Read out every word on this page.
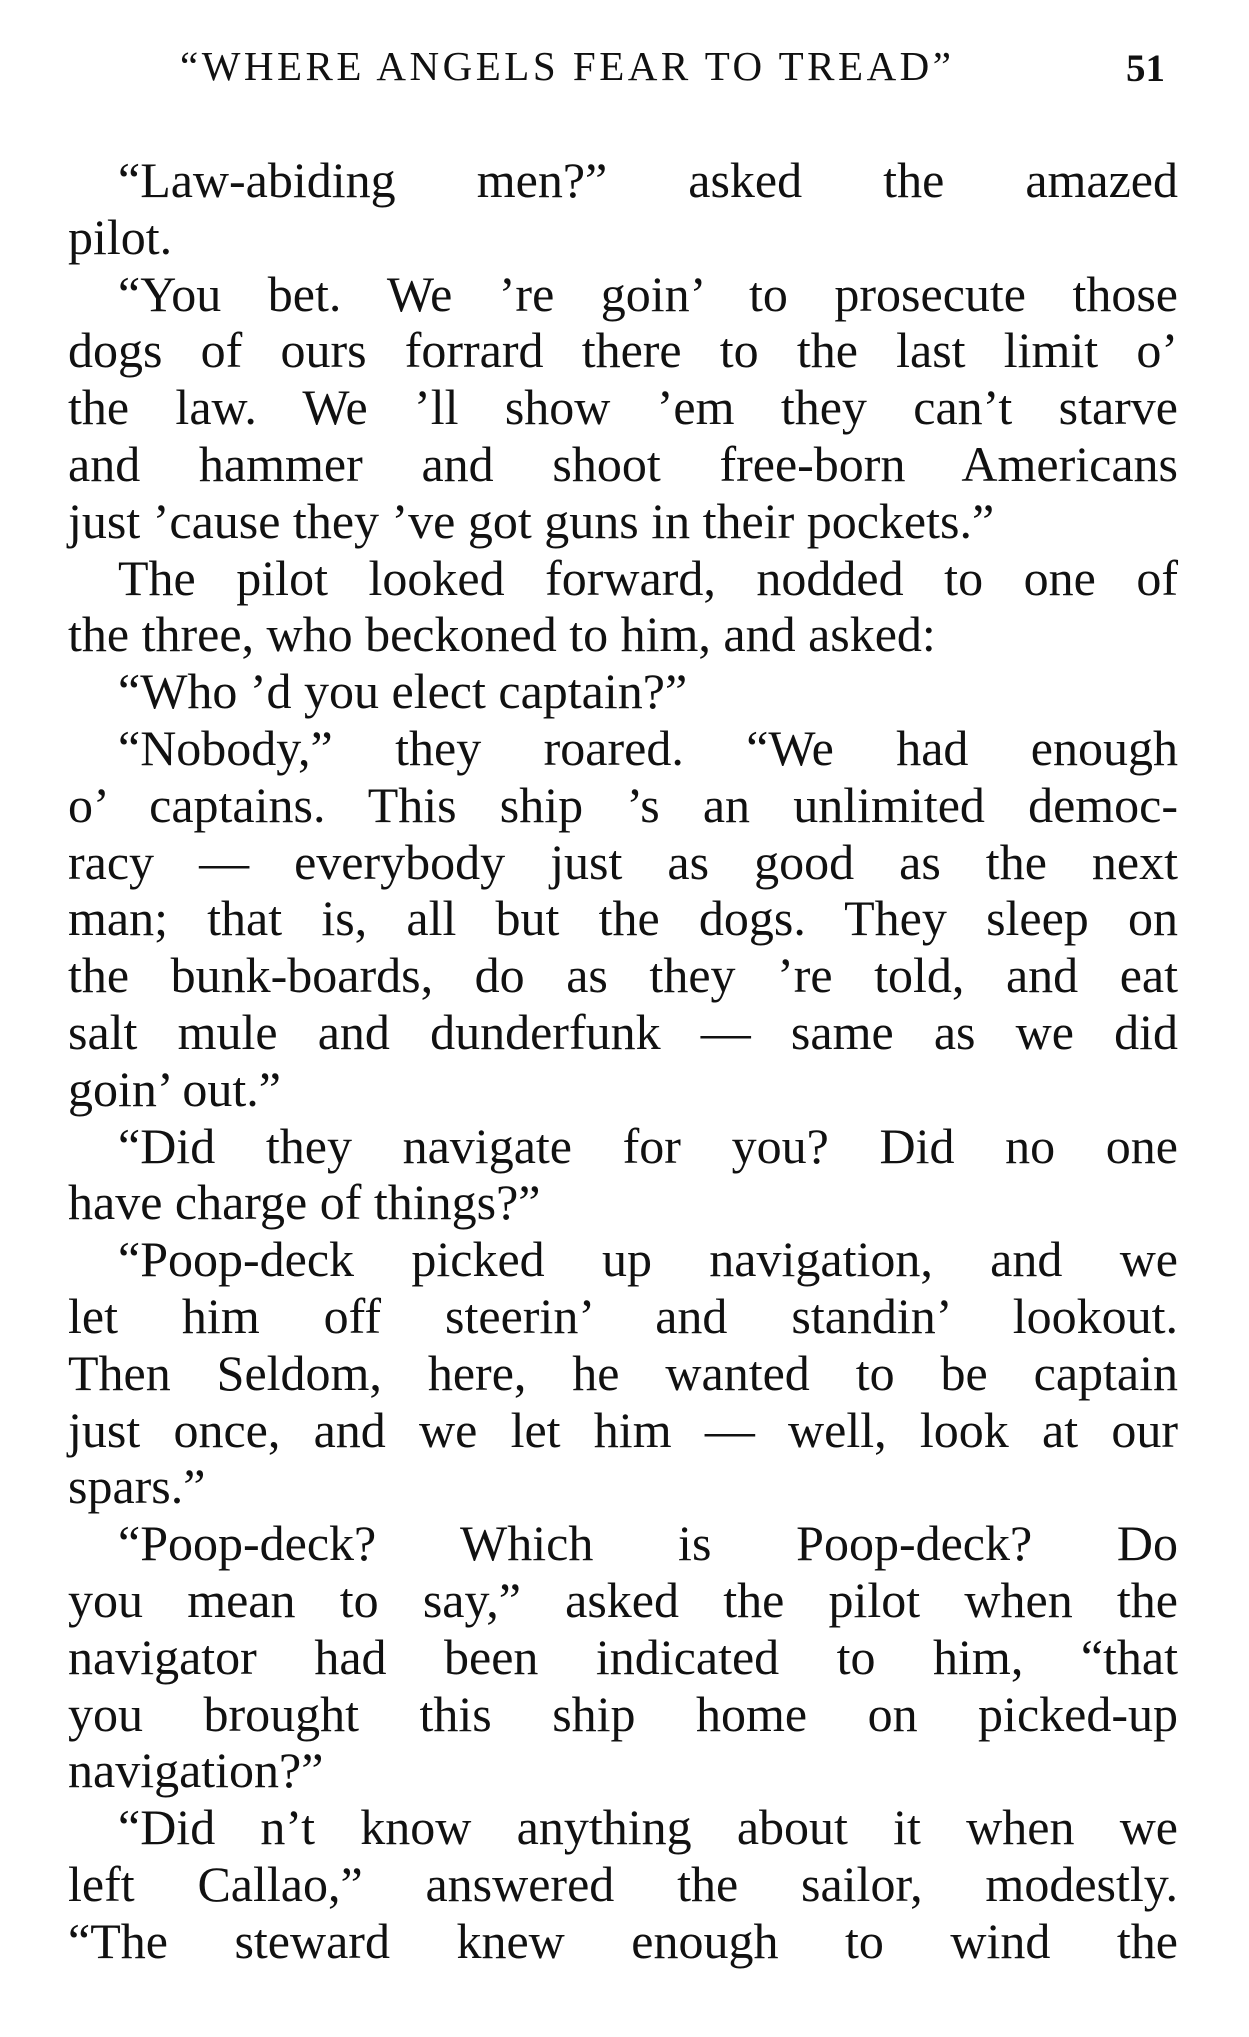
“WHERE ANGELS FEAR TO TREAD”	51

“Law-abiding men?” asked the amazed

pilot.

“You bet. We ’re goin’ to prosecute those

dogs of ours forrard there to the last limit o’

the law. We ’ll show ’em they can’t starve

and hammer and shoot free-born Americans

just ’cause they ’ve got guns in their pockets.”

The pilot looked forward, nodded to one of

the three, who beckoned to him, and asked:

“Who ’d you elect captain?”

“Nobody,” they roared. “We had enough

o’ captains. This ship ’s an unlimited democ-

racy — everybody just as good as the next

man; that is, all but the dogs. They sleep on

the bunk-boards, do as they ’re told, and eat

salt mule and dunderfunk — same as we did

goin’ out.”

“Did they navigate for you? Did no one

have charge of things?”

“Poop-deck picked up navigation, and we

let him off steerin’ and standin’ lookout.

Then Seldom, here, he wanted to be captain

just once, and we let him — well, look at our

spars.”

“Poop-deck? Which is Poop-deck? Do

you mean to say,” asked the pilot when the

navigator had been indicated to him, “that

you brought this ship home on picked-up

navigation?”

“Did n’t know anything about it when we

left Callao,” answered the sailor, modestly.

“The steward knew enough to wind the
